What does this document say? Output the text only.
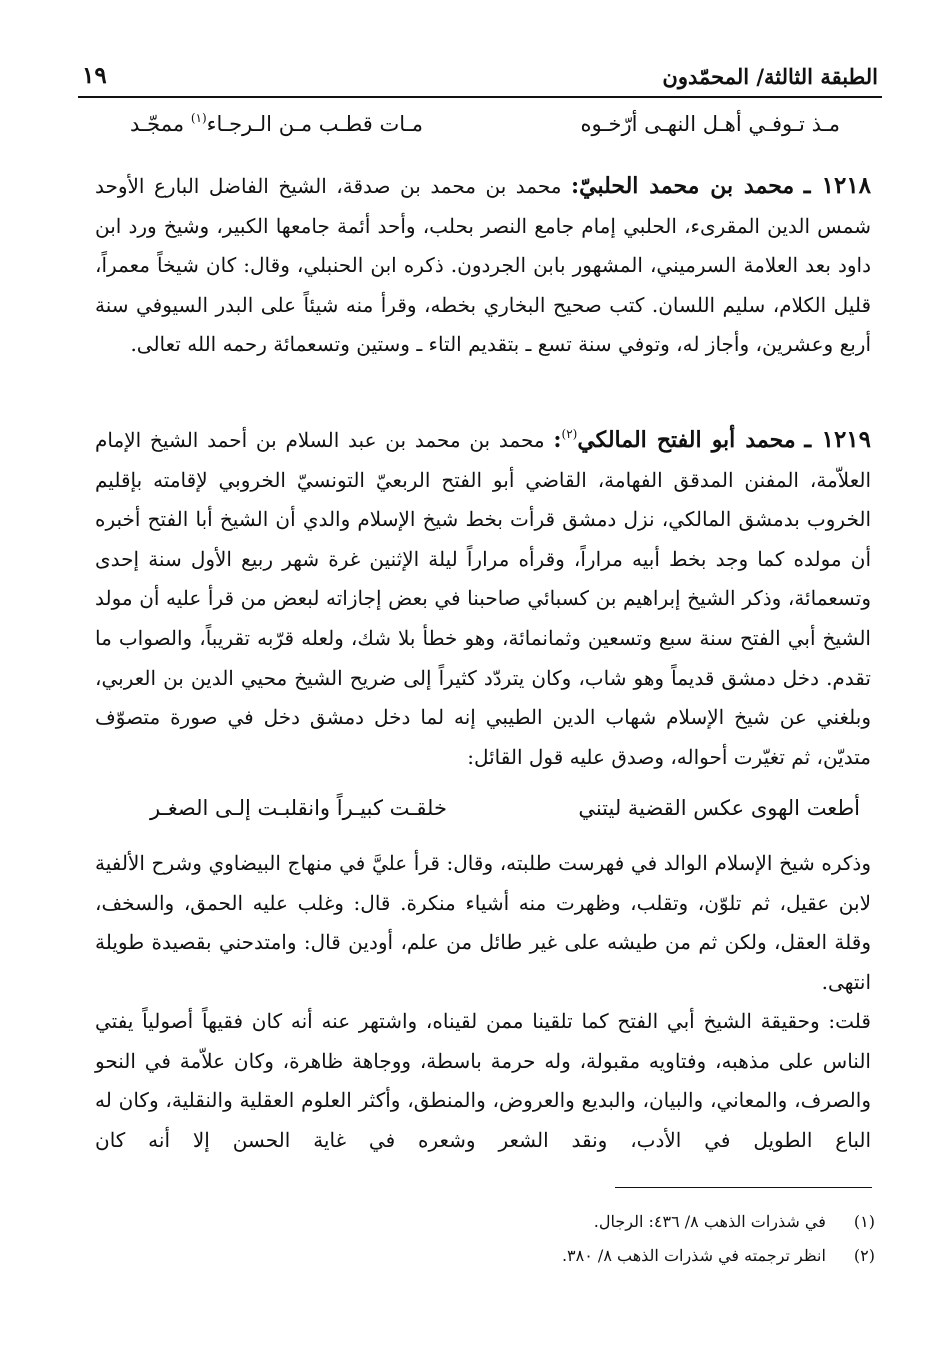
الطبقة الثالثة/ المحمّدون
١٩
مـذ تـوفـي أهـل النهـى أرّخـوه
مـات قطـب مـن الـرجـاء$^{(١)}$ ممجّـد

١٢١٨ ـ محمد بن محمد الحلبيّ: محمد بن محمد بن صدقة، الشيخ الفاضل البارع الأوحد شمس الدين المقرىء، الحلبي إمام جامع النصر بحلب، وأحد أئمة جامعها الكبير، وشيخ ورد ابن داود بعد العلامة السرميني، المشهور بابن الجردون. ذكره ابن الحنبلي، وقال: كان شيخاً معمراً، قليل الكلام، سليم اللسان. كتب صحيح البخاري بخطه، وقرأ منه شيئاً على البدر السيوفي سنة أربع وعشرين، وأجاز له، وتوفي سنة تسع ـ بتقديم التاء ـ وستين وتسعمائة رحمه الله تعالى.

١٢١٩ ـ محمد أبو الفتح المالكي$^{(٢)}$: محمد بن محمد بن عبد السلام بن أحمد الشيخ الإمام العلاّمة، المفنن المدقق الفهامة، القاضي أبو الفتح الربعيّ التونسيّ الخروبي لإقامته بإقليم الخروب بدمشق المالكي، نزل دمشق قرأت بخط شيخ الإسلام والدي أن الشيخ أبا الفتح أخبره أن مولده كما وجد بخط أبيه مراراً، وقرأه مراراً ليلة الإثنين غرة شهر ربيع الأول سنة إحدى وتسعمائة، وذكر الشيخ إبراهيم بن كسبائي صاحبنا في بعض إجازاته لبعض من قرأ عليه أن مولد الشيخ أبي الفتح سنة سبع وتسعين وثمانمائة، وهو خطأ بلا شك، ولعله قرّبه تقريباً، والصواب ما تقدم. دخل دمشق قديماً وهو شاب، وكان يتردّد كثيراً إلى ضريح الشيخ محيي الدين بن العربي، وبلغني عن شيخ الإسلام شهاب الدين الطيبي إنه لما دخل دمشق دخل في صورة متصوّف متديّن، ثم تغيّرت أحواله، وصدق عليه قول القائل:

أطعت الهوى عكس القضية ليتني
خلقـت كبيـراً وانقلبـت إلـى الصغـر

وذكره شيخ الإسلام الوالد في فهرست طلبته، وقال: قرأ عليَّ في منهاج البيضاوي وشرح الألفية لابن عقيل، ثم تلوّن، وتقلب، وظهرت منه أشياء منكرة. قال: وغلب عليه الحمق، والسخف، وقلة العقل، ولكن ثم من طيشه على غير طائل من علم، أودين قال: وامتدحني بقصيدة طويلة انتهى.

قلت: وحقيقة الشيخ أبي الفتح كما تلقينا ممن لقيناه، واشتهر عنه أنه كان فقيهاً أصولياً يفتي الناس على مذهبه، وفتاويه مقبولة، وله حرمة باسطة، ووجاهة ظاهرة، وكان علاّمة في النحو والصرف، والمعاني، والبيان، والبديع والعروض، والمنطق، وأكثر العلوم العقلية والنقلية، وكان له الباع الطويل في الأدب، ونقد الشعر وشعره في غاية الحسن إلا أنه كان

(١) في شذرات الذهب ٨/ ٤٣٦: الرجال.
(٢) انظر ترجمته في شذرات الذهب ٨/ ٣٨٠.
